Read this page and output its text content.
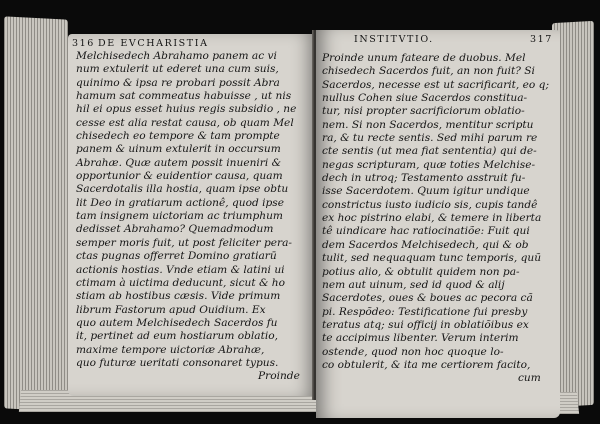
316 DE EVCHARISTIA
Melchisedech Abrahamo panem ac vi
num extulerit ut ederet una cum suis,
quinimo & ipsa re probari possit Abra
hamum sat commeatus habuisse , ut nis
hil ei opus esset huius regis subsidio , ne
cesse est alia restat causa, ob quam Mel
chisedech eo tempore & tam prompte
panem & uinum extulerit in occursum
Abrahæ. Quæ autem possit inueniri &
opportunior & euidentior causa, quam
Sacerdotalis illa hostia, quam ipse obtu
lit Deo in gratiarum actionê, quod ipse
tam insignem uictoriam ac triumphum
dedisset Abrahamo? Quemadmodum
semper moris fuit, ut post feliciter pera-
ctas pugnas offerret Domino gratiarū
actionis hostias. Vnde etiam & latini ui
ctimam à uictima deducunt, sicut & ho
stiam ab hostibus cæsis. Vide primum
librum Fastorum apud Ouidium. Ex
quo autem Melchisedech Sacerdos fu
it, pertinet ad eum hostiarum oblatio,
maxime tempore uictoriæ Abrahæ,
quo futuræ ueritati consonaret typus.
Proinde
INSTITVTIO.	317
Proinde unum fateare de duobus. Mel
chisedech Sacerdos fuit, an non fuit? Si
Sacerdos, necesse est ut sacrificarit, eo q;
nullus Cohen siue Sacerdos constitua-
tur, nisi propter sacrificiorum oblatio-
nem. Si non Sacerdos, mentitur scriptu
ra, & tu recte sentis. Sed mihi parum re
cte sentis (ut mea fiat sententia) qui de-
negas scripturam, quæ toties Melchise-
dech in utroq; Testamento asstruit fu-
isse Sacerdotem. Quum igitur undique
constrictus iusto iudicio sis, cupis tandê
ex hoc pistrino elabi, & temere in liberta
tê uindicare hac ratiocinatiõe: Fuit qui
dem Sacerdos Melchisedech, qui & ob
tulit, sed nequaquam tunc temporis, quũ
potius alio, & obtulit quidem non pa-
nem aut uinum, sed id quod & alij
Sacerdotes, oues & boues ac pecora cã
pi. Respõdeo: Testificatione fui presby
teratus atq; sui officij in oblatiõibus ex
te accipimus libenter. Verum interim
ostende, quod non hoc quoque lo-
co obtulerit, & ita me certiorem facito,
cum
